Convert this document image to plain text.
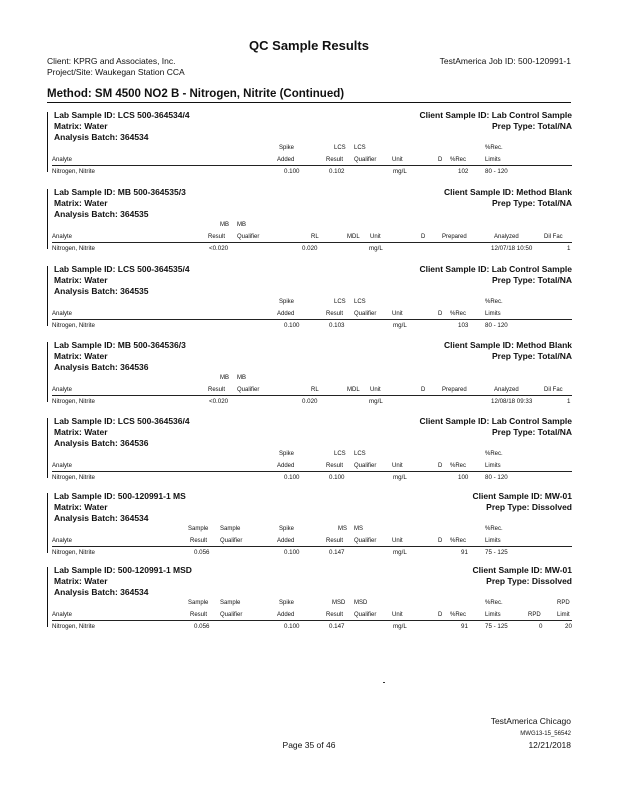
QC Sample Results
Client: KPRG and Associates, Inc.
Project/Site: Waukegan Station CCA
TestAmerica Job ID: 500-120991-1
Method: SM 4500 NO2 B - Nitrogen, Nitrite (Continued)
Lab Sample ID: LCS 500-364534/4
Matrix: Water
Analysis Batch: 364534
Client Sample ID: Lab Control Sample
Prep Type: Total/NA
Spike	LCS LCS	%Rec.
Analyte	Added	Result Qualifier	Unit	D %Rec	Limits
Nitrogen, Nitrite	0.100	0.102	mg/L	102	80 - 120
Lab Sample ID: MB 500-364535/3
Matrix: Water
Analysis Batch: 364535
Client Sample ID: Method Blank
Prep Type: Total/NA
MB MB
Analyte	Result Qualifier	RL	MDL Unit	D	Prepared	Analyzed	Dil Fac
Nitrogen, Nitrite	<0.020	0.020	mg/L	12/07/18 10:50	1
Lab Sample ID: LCS 500-364535/4
Matrix: Water
Analysis Batch: 364535
Client Sample ID: Lab Control Sample
Prep Type: Total/NA
Spike	LCS LCS	%Rec.
Analyte	Added	Result Qualifier	Unit	D %Rec	Limits
Nitrogen, Nitrite	0.100	0.103	mg/L	103	80 - 120
Lab Sample ID: MB 500-364536/3
Matrix: Water
Analysis Batch: 364536
Client Sample ID: Method Blank
Prep Type: Total/NA
MB MB
Analyte	Result Qualifier	RL	MDL Unit	D	Prepared	Analyzed	Dil Fac
Nitrogen, Nitrite	<0.020	0.020	mg/L	12/08/18 09:33	1
Lab Sample ID: LCS 500-364536/4
Matrix: Water
Analysis Batch: 364536
Client Sample ID: Lab Control Sample
Prep Type: Total/NA
Spike	LCS LCS	%Rec.
Analyte	Added	Result Qualifier	Unit	D %Rec	Limits
Nitrogen, Nitrite	0.100	0.100	mg/L	100	80 - 120
Lab Sample ID: 500-120991-1 MS
Matrix: Water
Analysis Batch: 364534
Client Sample ID: MW-01
Prep Type: Dissolved
Sample Sample	Spike	MS MS	%Rec.
Analyte	Result Qualifier	Added	Result Qualifier	Unit	D %Rec	Limits
Nitrogen, Nitrite	0.056	0.100	0.147	mg/L	91	75 - 125
Lab Sample ID: 500-120991-1 MSD
Matrix: Water
Analysis Batch: 364534
Client Sample ID: MW-01
Prep Type: Dissolved
Sample Sample	Spike	MSD MSD	%Rec.	RPD
Analyte	Result Qualifier	Added	Result Qualifier	Unit	D %Rec	Limits	RPD	Limit
Nitrogen, Nitrite	0.056	0.100	0.147	mg/L	91	75 - 125	0	20
TestAmerica Chicago
MWG13-15_56542
Page 35 of 46	12/21/2018
